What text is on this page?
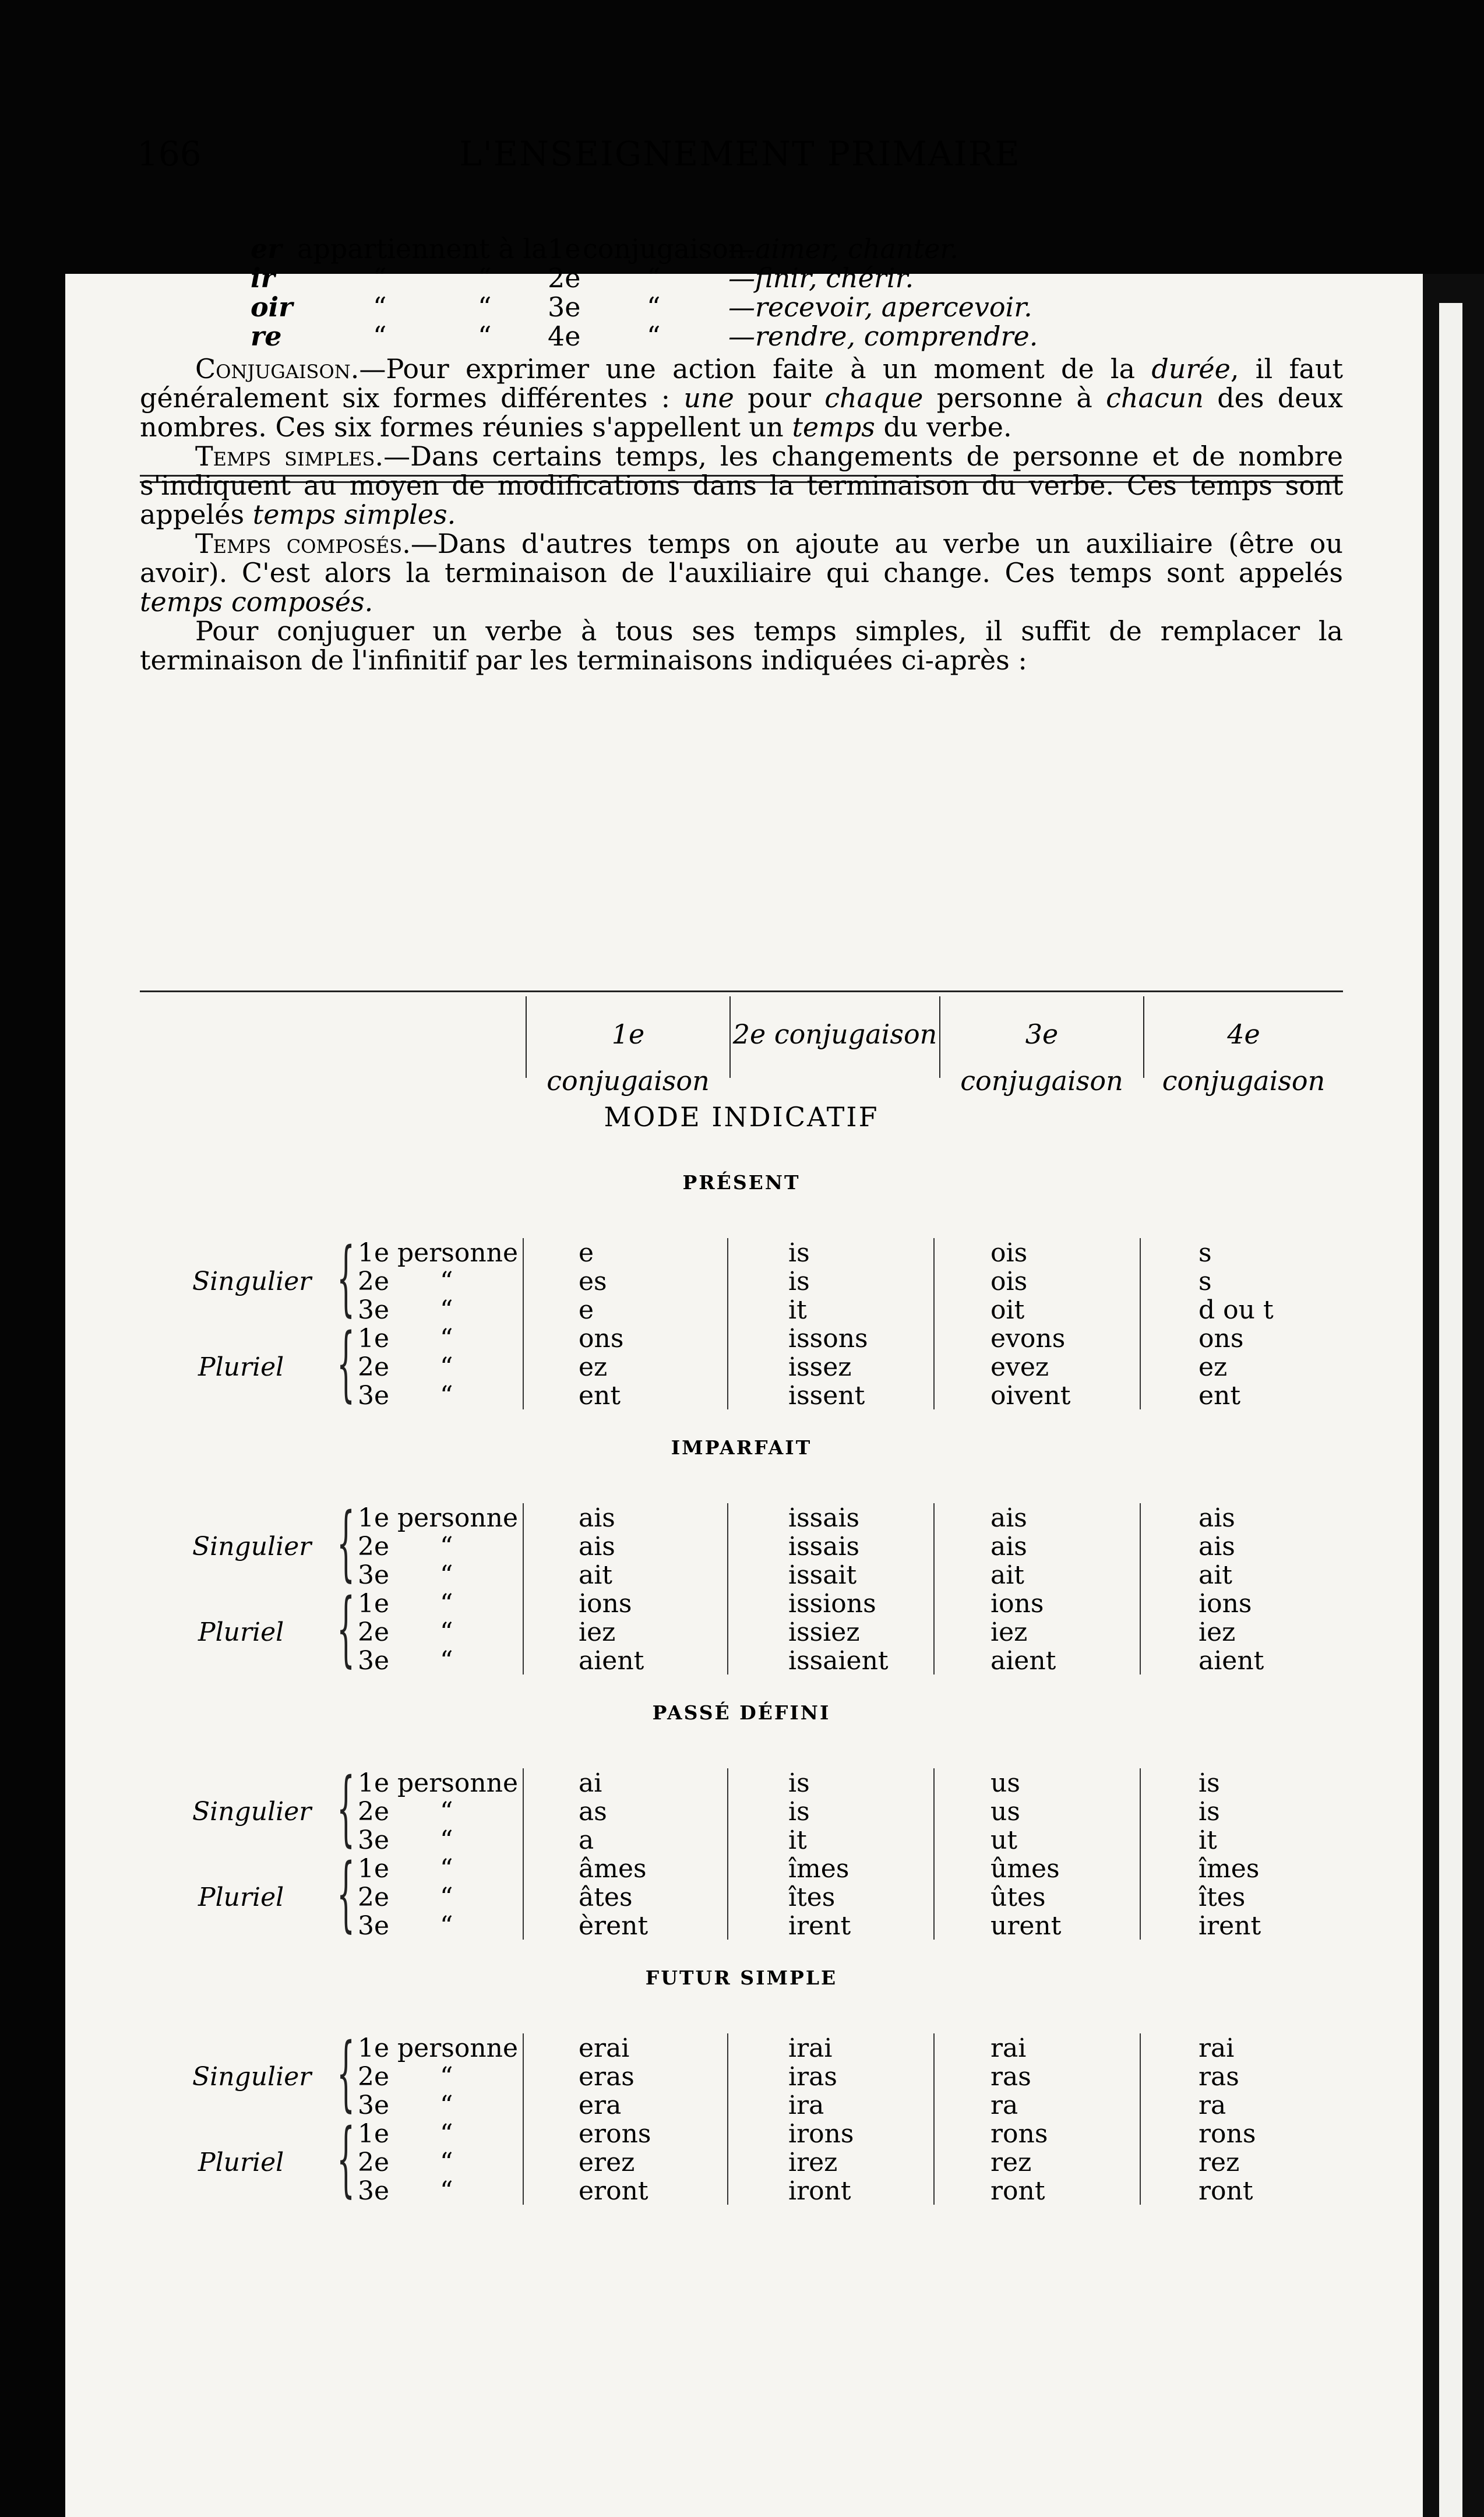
166	L'ENSEIGNEMENT PRIMAIRE
er appartiennent à la 1e conjugaison.
—aimer, chanter.
ir	“	“ 2e “	—finir, chérir.
oir	“	“ 3e “	—recevoir, apercevoir.
re	“	“ 4e “	—rendre, comprendre.

Conjugaison.—Pour exprimer une action faite à un moment de la durée, il faut généralement six formes différentes : une pour chaque personne à chacun des deux nombres. Ces six formes réunies s'appellent un temps du verbe.

Temps simples.—Dans certains temps, les changements de personne et de nombre s'indiquent au moyen de modifications dans la terminaison du verbe. Ces temps sont appelés temps simples.

Temps composés.—Dans d'autres temps on ajoute au verbe un auxiliaire (être ou avoir). C'est alors la terminaison de l'auxiliaire qui change. Ces temps sont appelés temps composés.

Pour conjuguer un verbe à tous ses temps simples, il suffit de remplacer la terminaison de l'infinitif par les terminaisons indiquées ci-après :

1e conjugaison
2e conjugaison	3e conjugaison
4e conjugaison
MODE INDICATIF
PRÉSENT
Singulier
Pluriel
{
{
1e personne e	is	ois	s
2e “	es	is	ois	s
3e “	e	it	oit	d ou t
1e “	ons	issons	evons	ons
2e “	ez	issez	evez	ez
3e “	ent	issent	oivent	ent
IMPARFAIT
Singulier
Pluriel
{
{
1e personne ais	issais	ais	ais
2e “	ais	issais	ais	ais
3e “	ait	issait	ait	ait
1e “	ions	issions	ions	ions
2e “	iez	issiez	iez	iez
3e “	aient	issaient	aient	aient
PASSÉ DÉFINI
Singulier
Pluriel
{
{
1e personne ai	is	us	is
2e “	as	is	us	is
3e “	a	it	ut	it
1e “	âmes	îmes	ûmes	îmes
2e “	âtes	îtes	ûtes	îtes
3e “	èrent	irent	urent	irent
FUTUR SIMPLE
Singulier
Pluriel
{
{
1e personne erai	irai	rai	rai
2e “	eras	iras	ras	ras
3e “	era	ira	ra	ra
1e “	erons	irons	rons	rons
2e “	erez	irez	rez	rez
3e “	eront	iront	ront	ront
